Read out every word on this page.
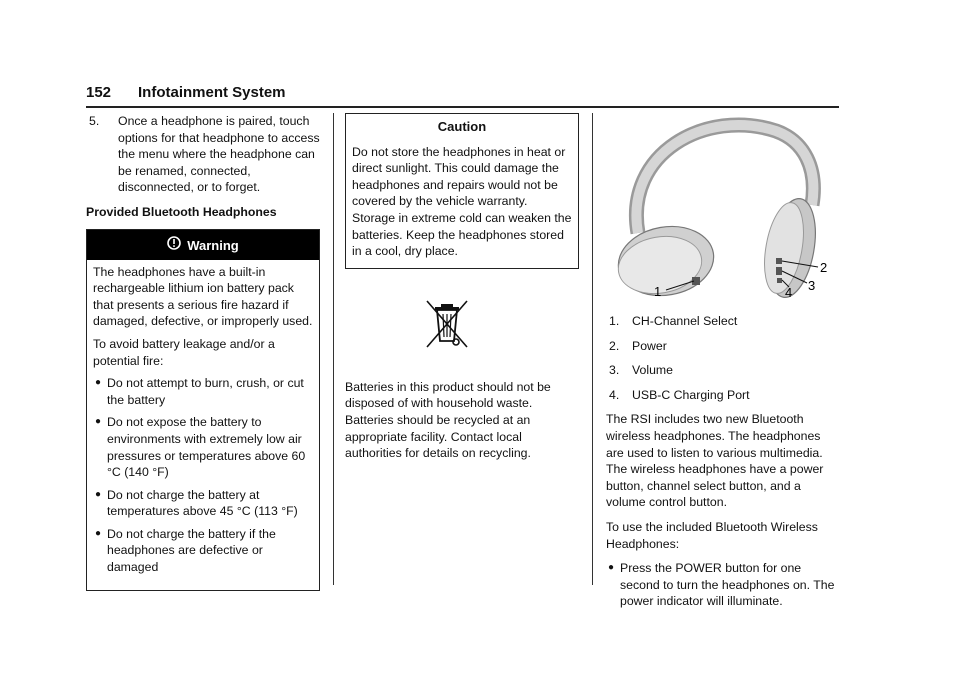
152 Infotainment System

5. Once a headphone is paired, touch options for that headphone to access the menu where the headphone can be renamed, connected, disconnected, or to forget.

Provided Bluetooth Headphones
Warning

The headphones have a built-in rechargeable lithium ion battery pack that presents a serious fire hazard if damaged, defective, or improperly used.

To avoid battery leakage and/or a potential fire:

● Do not attempt to burn, crush, or cut the battery
● Do not expose the battery to environments with extremely low air pressures or temperatures above 60 °C (140 °F)
● Do not charge the battery at temperatures above 45 °C (113 °F)
● Do not charge the battery if the headphones are defective or damaged
Caution
Do not store the headphones in heat or direct sunlight. This could damage the headphones and repairs would not be covered by the vehicle warranty. Storage in extreme cold can weaken the batteries. Keep the headphones stored in a cool, dry place.
Batteries in this product should not be disposed of with household waste. Batteries should be recycled at an appropriate facility. Contact local authorities for details on recycling.
1
2
3
4

1. CH-Channel Select

2. Power

3. Volume

4. USB-C Charging Port

The RSI includes two new Bluetooth wireless headphones. The headphones are used to listen to various multimedia. The wireless headphones have a power button, channel select button, and a volume control button.

To use the included Bluetooth Wireless Headphones:

● Press the POWER button for one second to turn the headphones on. The power indicator will illuminate.
